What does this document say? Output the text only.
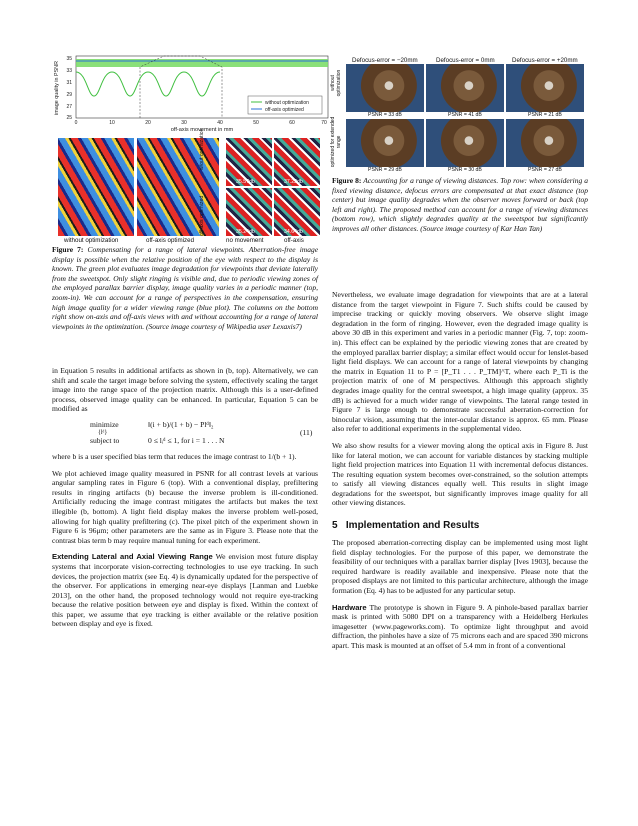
35
33
31
29
27
25
0	10	20	30	40	50	60	70
off-axis movement in mm
image quality in PSNR	without optimization
off-axis optimized
w/out optimization
off-axis optimized
35.57db	37.22db
35.24db	34.64db
without optimization	off-axis optimized	no movement	off-axis
Figure 7: Compensating for a range of lateral viewpoints. Aberration-free image display is possible when the relative position of the eye with respect to the display is known. The green plot evaluates image degradation for viewpoints that deviate laterally from the sweetspot. Only slight ringing is visible and, due to periodic viewing zones of the employed parallax barrier display, image quality varies in a periodic manner (top, zoom-in). We can account for a range of perspectives in the compensation, ensuring high image quality for a wider viewing range (blue plot). The columns on the bottom right show on-axis and off-axis views with and without accounting for a range of lateral viewpoints in the optimization. (Source image courtesy of Wikipedia user Lexaxis7)

in Equation 5 results in additional artifacts as shown in (b, top). Alternatively, we can shift and scale the target image before solving the system, effectively scaling the target image into the range space of the projection matrix. Although this is a user-defined process, observed image quality can be enhanced. In particular, Equation 5 can be modified as

minimize
{lᵈ}
‖(i + b)/(1 + b) − Plᵈ‖₂
subject to	0 ≤ lᵢᵈ ≤ 1, for i = 1 . . . N
(11)

where b is a user specified bias term that reduces the image contrast to 1/(b + 1).

We plot achieved image quality measured in PSNR for all contrast levels at various angular sampling rates in Figure 6 (top). With a conventional display, prefiltering results in ringing artifacts (b) because the inverse problem is ill-conditioned. Artificially reducing the image contrast mitigates the artifacts but makes the text illegible (b, bottom). A light field display makes the inverse problem well-posed, allowing for high quality prefiltering (c). The pixel pitch of the experiment shown in Figure 6 is 96μm; other parameters are the same as in Figure 3. Please note that the contrast bias term b may require manual tuning for each experiment.

Extending Lateral and Axial Viewing Range We envision most future display systems that incorporate vision-correcting technologies to use eye tracking. In such devices, the projection matrix (see Eq. 4) is dynamically updated for the perspective of the observer. For applications in emerging near-eye displays [Lanman and Luebke 2013], on the other hand, the proposed technology would not require eye-tracking because the relative position between eye and display is fixed. Within the context of this paper, we assume that eye tracking is either available or the relative position between display and eye is fixed.

Defocus-error = −20mm	Defocus-error = 0mm	Defocus-error = +20mm
without optimization
optimized for extended range
PSNR = 33 dB	PSNR = 41 dB	PSNR = 21 dB
PSNR = 29 dB	PSNR = 30 dB	PSNR = 27 dB
Figure 8: Accounting for a range of viewing distances. Top row: when considering a fixed viewing distance, defocus errors are compensated at that exact distance (top center) but image quality degrades when the observer moves forward or back (top left and right). The proposed method can account for a range of viewing distances (bottom row), which slightly degrades quality at the sweetspot but significantly improves all other distances. (Source image courtesy of Kar Han Tan)

Nevertheless, we evaluate image degradation for viewpoints that are at a lateral distance from the target viewpoint in Figure 7. Such shifts could be caused by imprecise tracking or quickly moving observers. We observe slight image degradation in the form of ringing. However, even the degraded image quality is above 30 dB in this experiment and varies in a periodic manner (Fig. 7, top: zoom-in). This effect can be explained by the periodic viewing zones that are created by the employed parallax barrier display; a similar effect would occur for lenslet-based light field displays. We can account for a range of lateral viewpoints by changing the matrix in Equation 11 to P = [P_T1 . . . P_TM]^T, where each P_Ti is the projection matrix of one of M perspectives. Although this approach slightly degrades image quality for the central sweetspot, a high image quality (approx. 35 dB) is achieved for a much wider range of viewpoints. The lateral range tested in Figure 7 is large enough to demonstrate successful aberration-correction for binocular vision, assuming that the inter-ocular distance is approx. 65 mm. Please also refer to additional experiments in the supplemental video.

We also show results for a viewer moving along the optical axis in Figure 8. Just like for lateral motion, we can account for variable distances by stacking multiple light field projection matrices into Equation 11 with incremental defocus distances. The resulting equation system becomes over-constrained, so the solution attempts to satisfy all viewing distances equally well. This results in slight image degradations for the sweetspot, but significantly improves image quality for all other viewing distances.

5 Implementation and Results

The proposed aberration-correcting display can be implemented using most light field display technologies. For the purpose of this paper, we demonstrate the feasibility of our techniques with a parallax barrier display [Ives 1903], because the required hardware is readily available and inexpensive. Please note that the proposed displays are not limited to this particular architecture, although the image formation (Eq. 4) has to be adjusted for any particular setup.

Hardware The prototype is shown in Figure 9. A pinhole-based parallax barrier mask is printed with 5080 DPI on a transparency with a Heidelberg Herkules imagesetter (www.pageworks.com). To optimize light throughput and avoid diffraction, the pinholes have a size of 75 microns each and are spaced 390 microns apart. This mask is mounted at an offset of 5.4 mm in front of a conventional
